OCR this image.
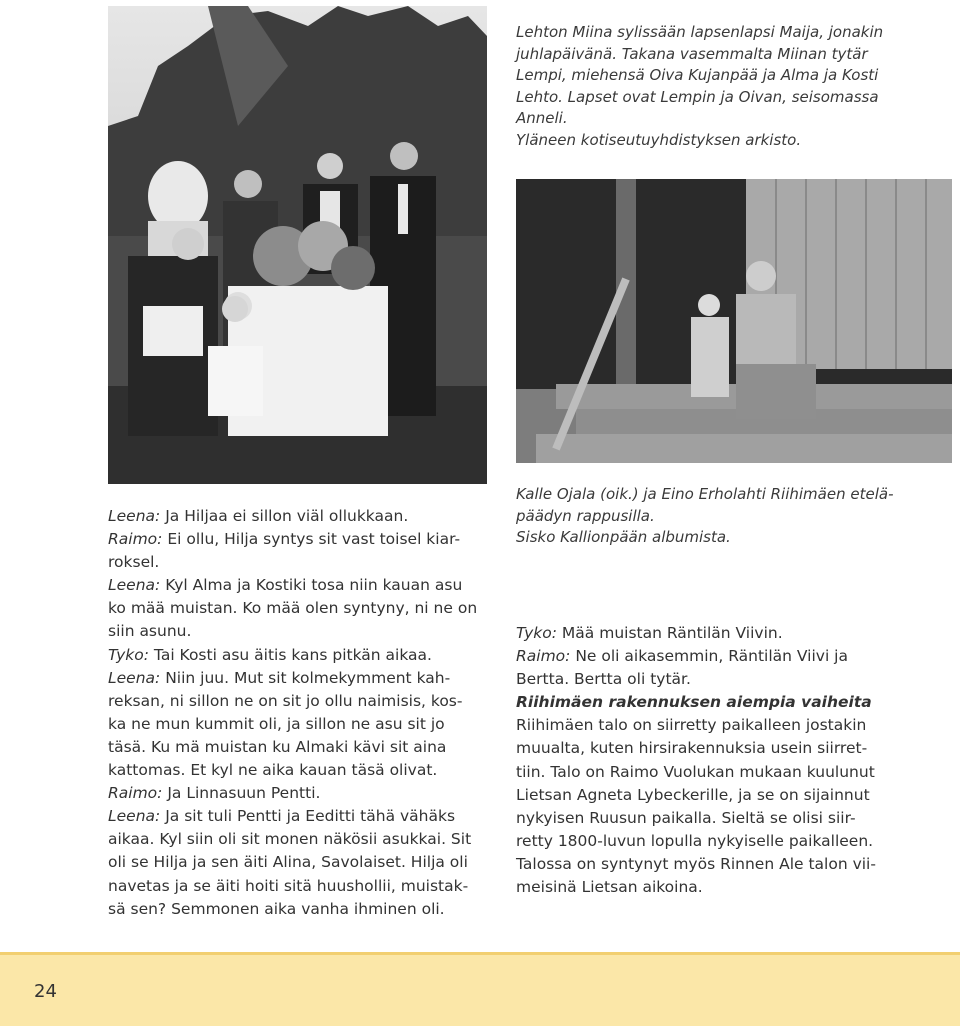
Lehton Miina sylissään lapsenlapsi Maija, jonakin
juhlapäivänä. Takana vasemmalta Miinan tytär
Lempi, miehensä Oiva Kujanpää ja Alma ja Kosti
Lehto. Lapset ovat Lempin ja Oivan, seisomassa
Anneli.
Yläneen kotiseutuyhdistyksen arkisto.
Kalle Ojala (oik.) ja Eino Erholahti Riihimäen etelä-
päädyn rappusilla.
Sisko Kallionpään albumista.

Leena: Ja Hiljaa ei sillon viäl ollukkaan.

Raimo: Ei ollu, Hilja syntys sit vast toisel kiar-

roksel.

Leena: Kyl Alma ja Kostiki tosa niin kauan asu

ko mää muistan. Ko mää olen syntyny, ni ne on

siin asunu.

Tyko: Tai Kosti asu äitis kans pitkän aikaa.

Leena: Niin juu. Mut sit kolmekymment kah-

reksan, ni sillon ne on sit jo ollu naimisis, kos-

ka ne mun kummit oli, ja sillon ne asu sit jo

täsä. Ku mä muistan ku Almaki kävi sit aina

kattomas. Et kyl ne aika kauan täsä olivat.

Raimo: Ja Linnasuun Pentti.

Leena: Ja sit tuli Pentti ja Eeditti tähä vähäks

aikaa. Kyl siin oli sit monen näkösii asukkai. Sit

oli se Hilja ja sen äiti Alina, Savolaiset. Hilja oli

navetas ja se äiti hoiti sitä huushollii, muistak-

sä sen? Semmonen aika vanha ihminen oli.

Tyko: Mää muistan Räntilän Viivin.

Raimo: Ne oli aikasemmin, Räntilän Viivi ja

Bertta. Bertta oli tytär.

Riihimäen rakennuksen aiempia vaiheita

Riihimäen talo on siirretty paikalleen jostakin

muualta, kuten hirsirakennuksia usein siirret-

tiin. Talo on Raimo Vuolukan mukaan kuulunut

Lietsan Agneta Lybeckerille, ja se on sijainnut

nykyisen Ruusun paikalla. Sieltä se olisi siir-

retty 1800-luvun lopulla nykyiselle paikalleen.

Talossa on syntynyt myös Rinnen Ale talon vii-

meisinä Lietsan aikoina.

24
